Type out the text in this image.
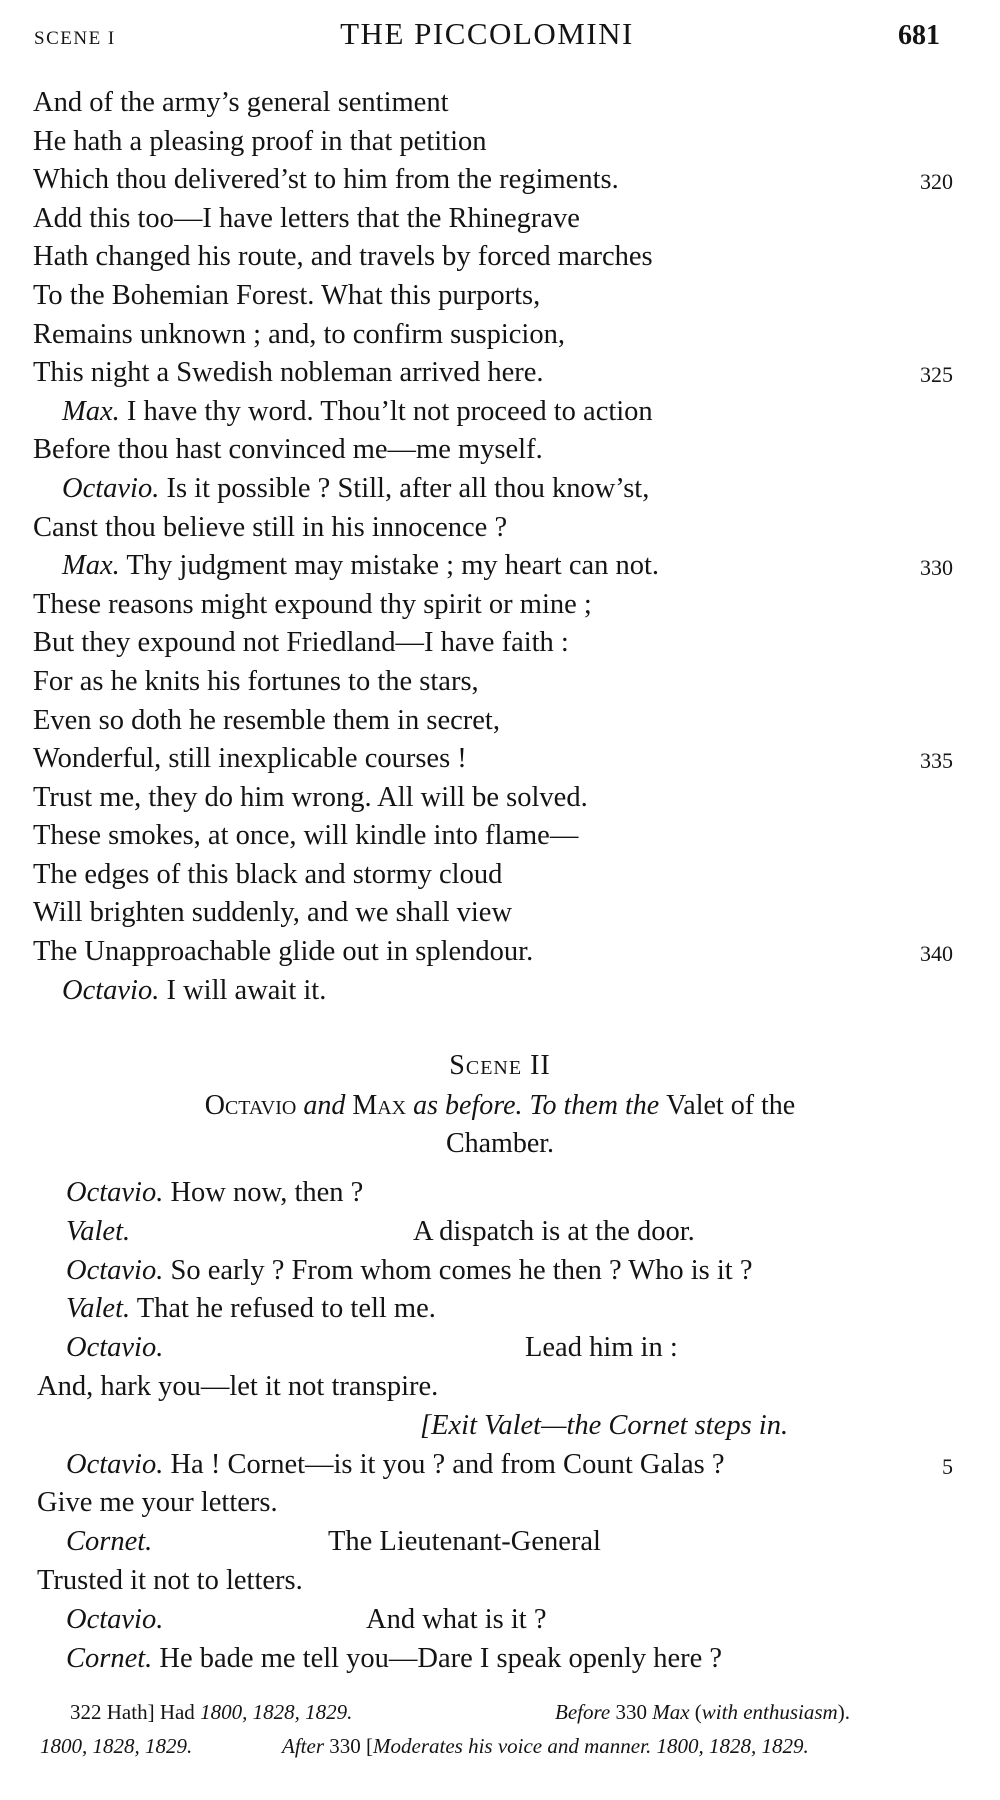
SCENE I	THE PICCOLOMINI	681
And of the army’s general sentiment
He hath a pleasing proof in that petition
Which thou delivered’st to him from the regiments.	320
Add this too—I have letters that the Rhinegrave
Hath changed his route, and travels by forced marches
To the Bohemian Forest. What this purports,
Remains unknown ; and, to confirm suspicion,
This night a Swedish nobleman arrived here.	325
Max. I have thy word. Thou’lt not proceed to action
Before thou hast convinced me—me myself.
Octavio. Is it possible ? Still, after all thou know’st,
Canst thou believe still in his innocence ?
Max. Thy judgment may mistake ; my heart can not.	330
These reasons might expound thy spirit or mine ;
But they expound not Friedland—I have faith :
For as he knits his fortunes to the stars,
Even so doth he resemble them in secret,
Wonderful, still inexplicable courses !	335
Trust me, they do him wrong. All will be solved.
These smokes, at once, will kindle into flame—
The edges of this black and stormy cloud
Will brighten suddenly, and we shall view
The Unapproachable glide out in splendour.	340
Octavio. I will await it.
Scene II
Octavio and Max as before. To them the Valet of the
Chamber.
Octavio. How now, then ?
Valet.	A dispatch is at the door.
Octavio. So early ? From whom comes he then ? Who is it ?
Valet. That he refused to tell me.
Octavio.	Lead him in :
And, hark you—let it not transpire.
[Exit Valet—the Cornet steps in.
Octavio. Ha ! Cornet—is it you ? and from Count Galas ?	5
Give me your letters.
Cornet.	The Lieutenant-General
Trusted it not to letters.
Octavio.	And what is it ?
Cornet. He bade me tell you—Dare I speak openly here ?
322 Hath] Had 1800, 1828, 1829.	Before 330 Max (with enthusiasm).
1800, 1828, 1829.	After 330 [Moderates his voice and manner. 1800, 1828, 1829.
